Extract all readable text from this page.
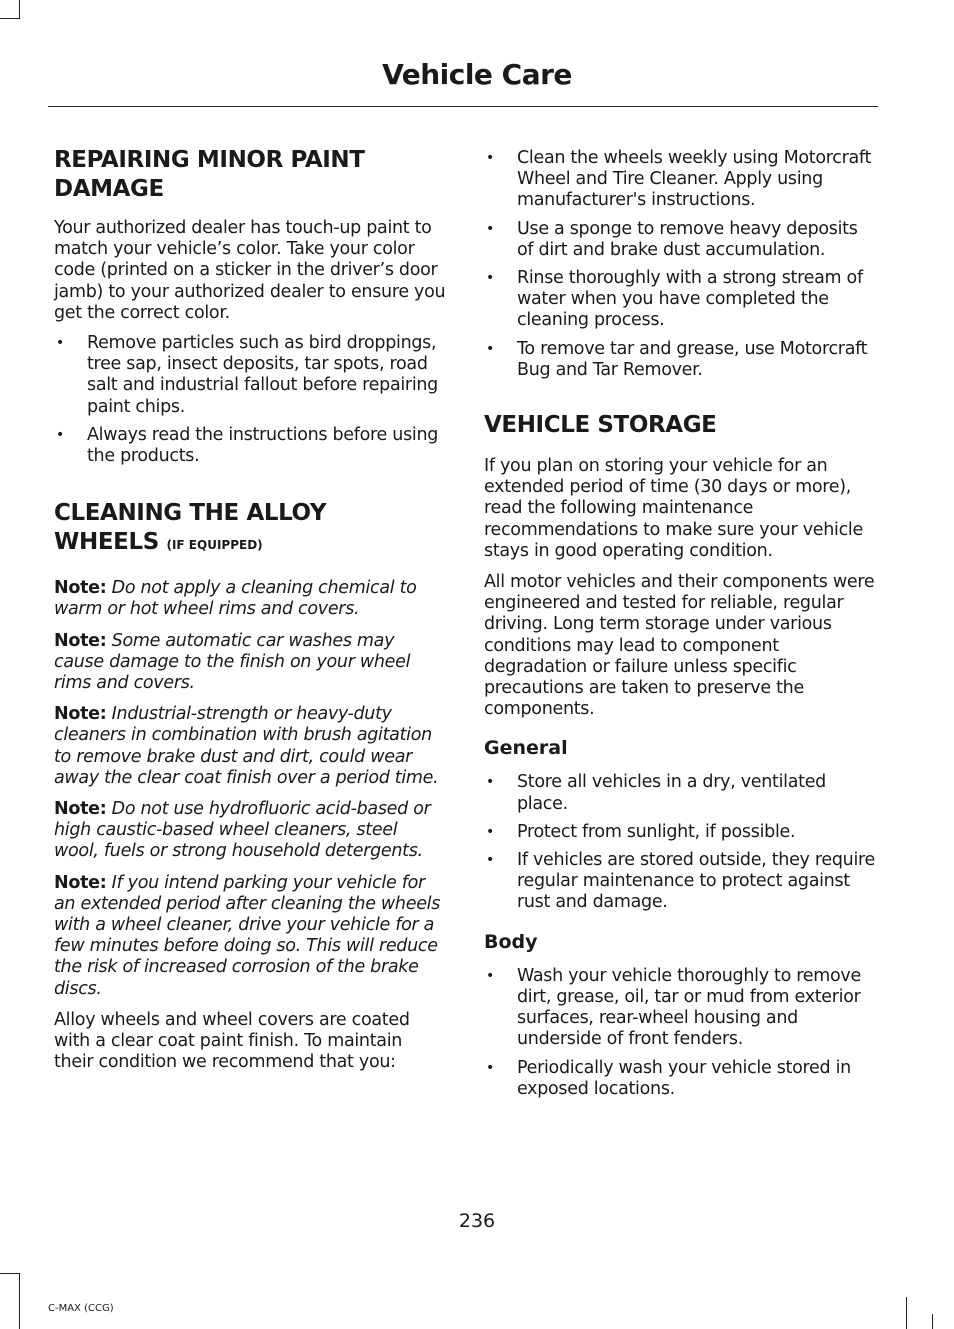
Vehicle Care
REPAIRING MINOR PAINT
DAMAGE

Your authorized dealer has touch-up paint to match your vehicle’s color. Take your color code (printed on a sticker in the driver’s door jamb) to your authorized dealer to ensure you get the correct color.

• Remove particles such as bird droppings, tree sap, insect deposits, tar spots, road salt and industrial fallout before repairing paint chips.
• Always read the instructions before using the products.
CLEANING THE ALLOY
WHEELS (IF EQUIPPED)

Note: Do not apply a cleaning chemical to warm or hot wheel rims and covers.

Note: Some automatic car washes may cause damage to the finish on your wheel rims and covers.

Note: Industrial-strength or heavy-duty cleaners in combination with brush agitation to remove brake dust and dirt, could wear away the clear coat finish over a period time.

Note: Do not use hydrofluoric acid-based or high caustic-based wheel cleaners, steel wool, fuels or strong household detergents.

Note: If you intend parking your vehicle for an extended period after cleaning the wheels with a wheel cleaner, drive your vehicle for a few minutes before doing so. This will reduce the risk of increased corrosion of the brake discs.

Alloy wheels and wheel covers are coated with a clear coat paint finish. To maintain their condition we recommend that you:

• Clean the wheels weekly using Motorcraft Wheel and Tire Cleaner. Apply using manufacturer's instructions.
• Use a sponge to remove heavy deposits of dirt and brake dust accumulation.
• Rinse thoroughly with a strong stream of water when you have completed the cleaning process.
• To remove tar and grease, use Motorcraft Bug and Tar Remover.
VEHICLE STORAGE

If you plan on storing your vehicle for an extended period of time (30 days or more), read the following maintenance recommendations to make sure your vehicle stays in good operating condition.

All motor vehicles and their components were engineered and tested for reliable, regular driving. Long term storage under various conditions may lead to component degradation or failure unless specific precautions are taken to preserve the components.

General
• Store all vehicles in a dry, ventilated place.
• Protect from sunlight, if possible.
• If vehicles are stored outside, they require regular maintenance to protect against rust and damage.
Body
• Wash your vehicle thoroughly to remove dirt, grease, oil, tar or mud from exterior surfaces, rear-wheel housing and underside of front fenders.
• Periodically wash your vehicle stored in exposed locations.
236
C-MAX (CCG)
